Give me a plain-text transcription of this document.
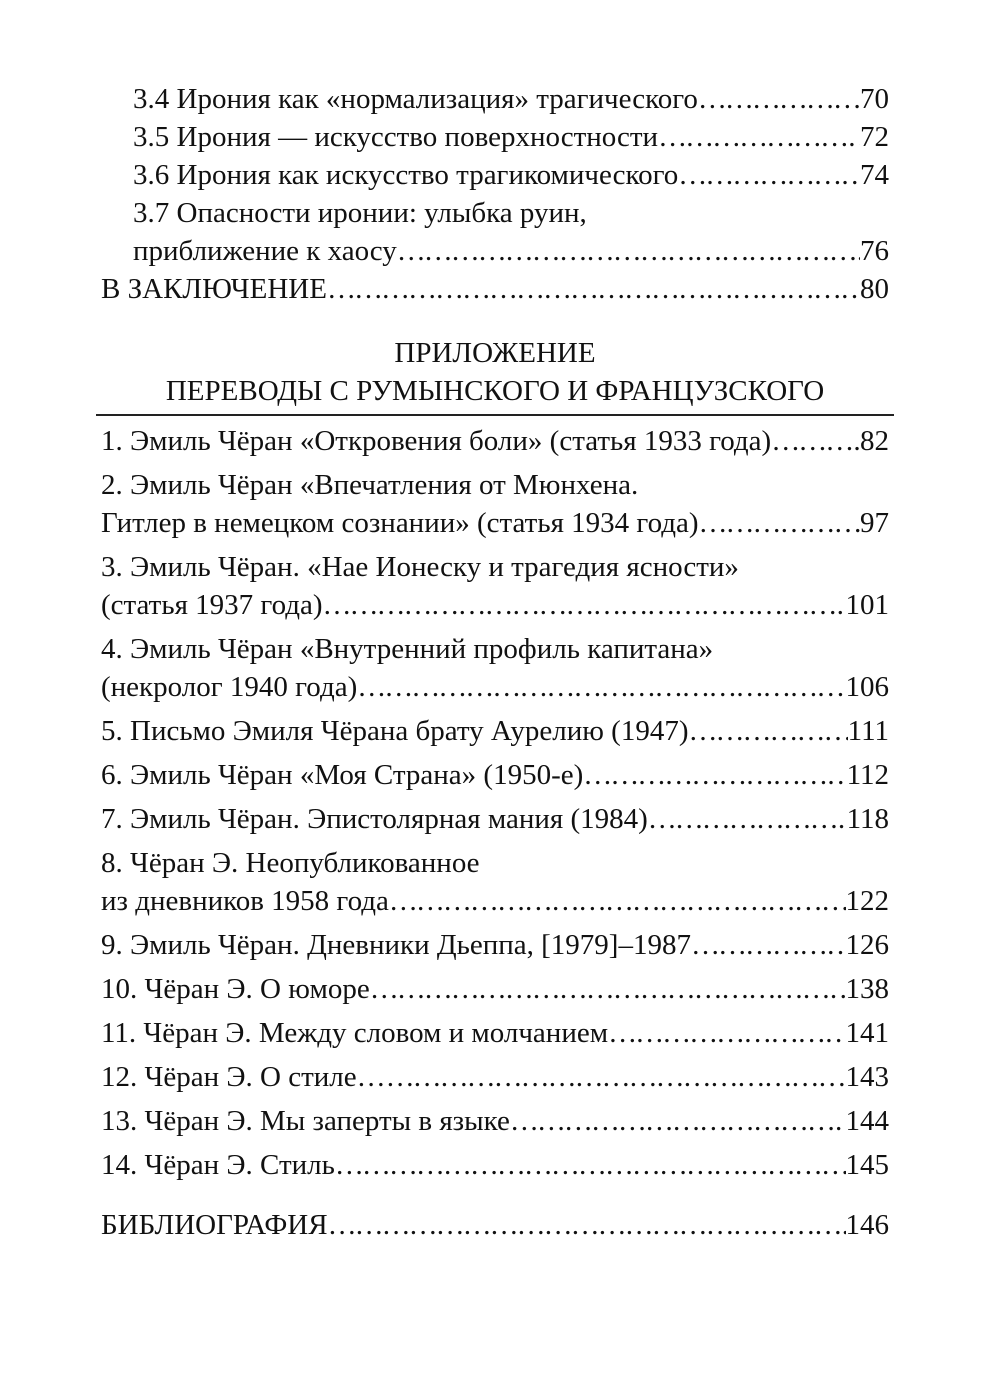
3.4 Ирония как «нормализация» трагического ………………………………………………………………………………………………………………………………………………………………………………	70
3.5 Ирония — искусство поверхностности ………………………………………………………………………………………………………………………………………………………………………………	72
3.6 Ирония как искусство трагикомического ………………………………………………………………………………………………………………………………………………………………………………	74
3.7 Опасности иронии: улыбка руин,
приближение к хаосу ………………………………………………………………………………………………………………………………………………………………………………	76
В ЗАКЛЮЧЕНИЕ ………………………………………………………………………………………………………………………………………………………………………………	80
ПРИЛОЖЕНИЕ
ПЕРЕВОДЫ С РУМЫНСКОГО И ФРАНЦУЗСКОГО
1. Эмиль Чёран «Откровения боли» (статья 1933 года) ………………………………………………………………………………………………………………………………………………………………………………	82
2. Эмиль Чёран «Впечатления от Мюнхена.
Гитлер в немецком сознании» (статья 1934 года) ………………………………………………………………………………………………………………………………………………………………………………	97
3. Эмиль Чёран. «Нае Ионеску и трагедия ясности»
(статья 1937 года) ………………………………………………………………………………………………………………………………………………………………………………	101
4. Эмиль Чёран «Внутренний профиль капитана»
(некролог 1940 года) ………………………………………………………………………………………………………………………………………………………………………………	106
5. Письмо Эмиля Чёрана брату Аурелию (1947) ………………………………………………………………………………………………………………………………………………………………………………	111
6. Эмиль Чёран «Моя Страна» (1950-е) ………………………………………………………………………………………………………………………………………………………………………………	112
7. Эмиль Чёран. Эпистолярная мания (1984) ………………………………………………………………………………………………………………………………………………………………………………	118
8. Чёран Э. Неопубликованное
из дневников 1958 года ………………………………………………………………………………………………………………………………………………………………………………	122
9. Эмиль Чёран. Дневники Дьеппа, [1979]–1987 ………………………………………………………………………………………………………………………………………………………………………………	126
10. Чёран Э. О юморе ………………………………………………………………………………………………………………………………………………………………………………	138
11. Чёран Э. Между словом и молчанием ………………………………………………………………………………………………………………………………………………………………………………	141
12. Чёран Э. О стиле… ………………………………………………………………………………………………………………………………………………………………………………	143
13. Чёран Э. Мы заперты в языке ………………………………………………………………………………………………………………………………………………………………………………	144
14. Чёран Э. Стиль ………………………………………………………………………………………………………………………………………………………………………………	145
БИБЛИОГРАФИЯ ………………………………………………………………………………………………………………………………………………………………………………	146
